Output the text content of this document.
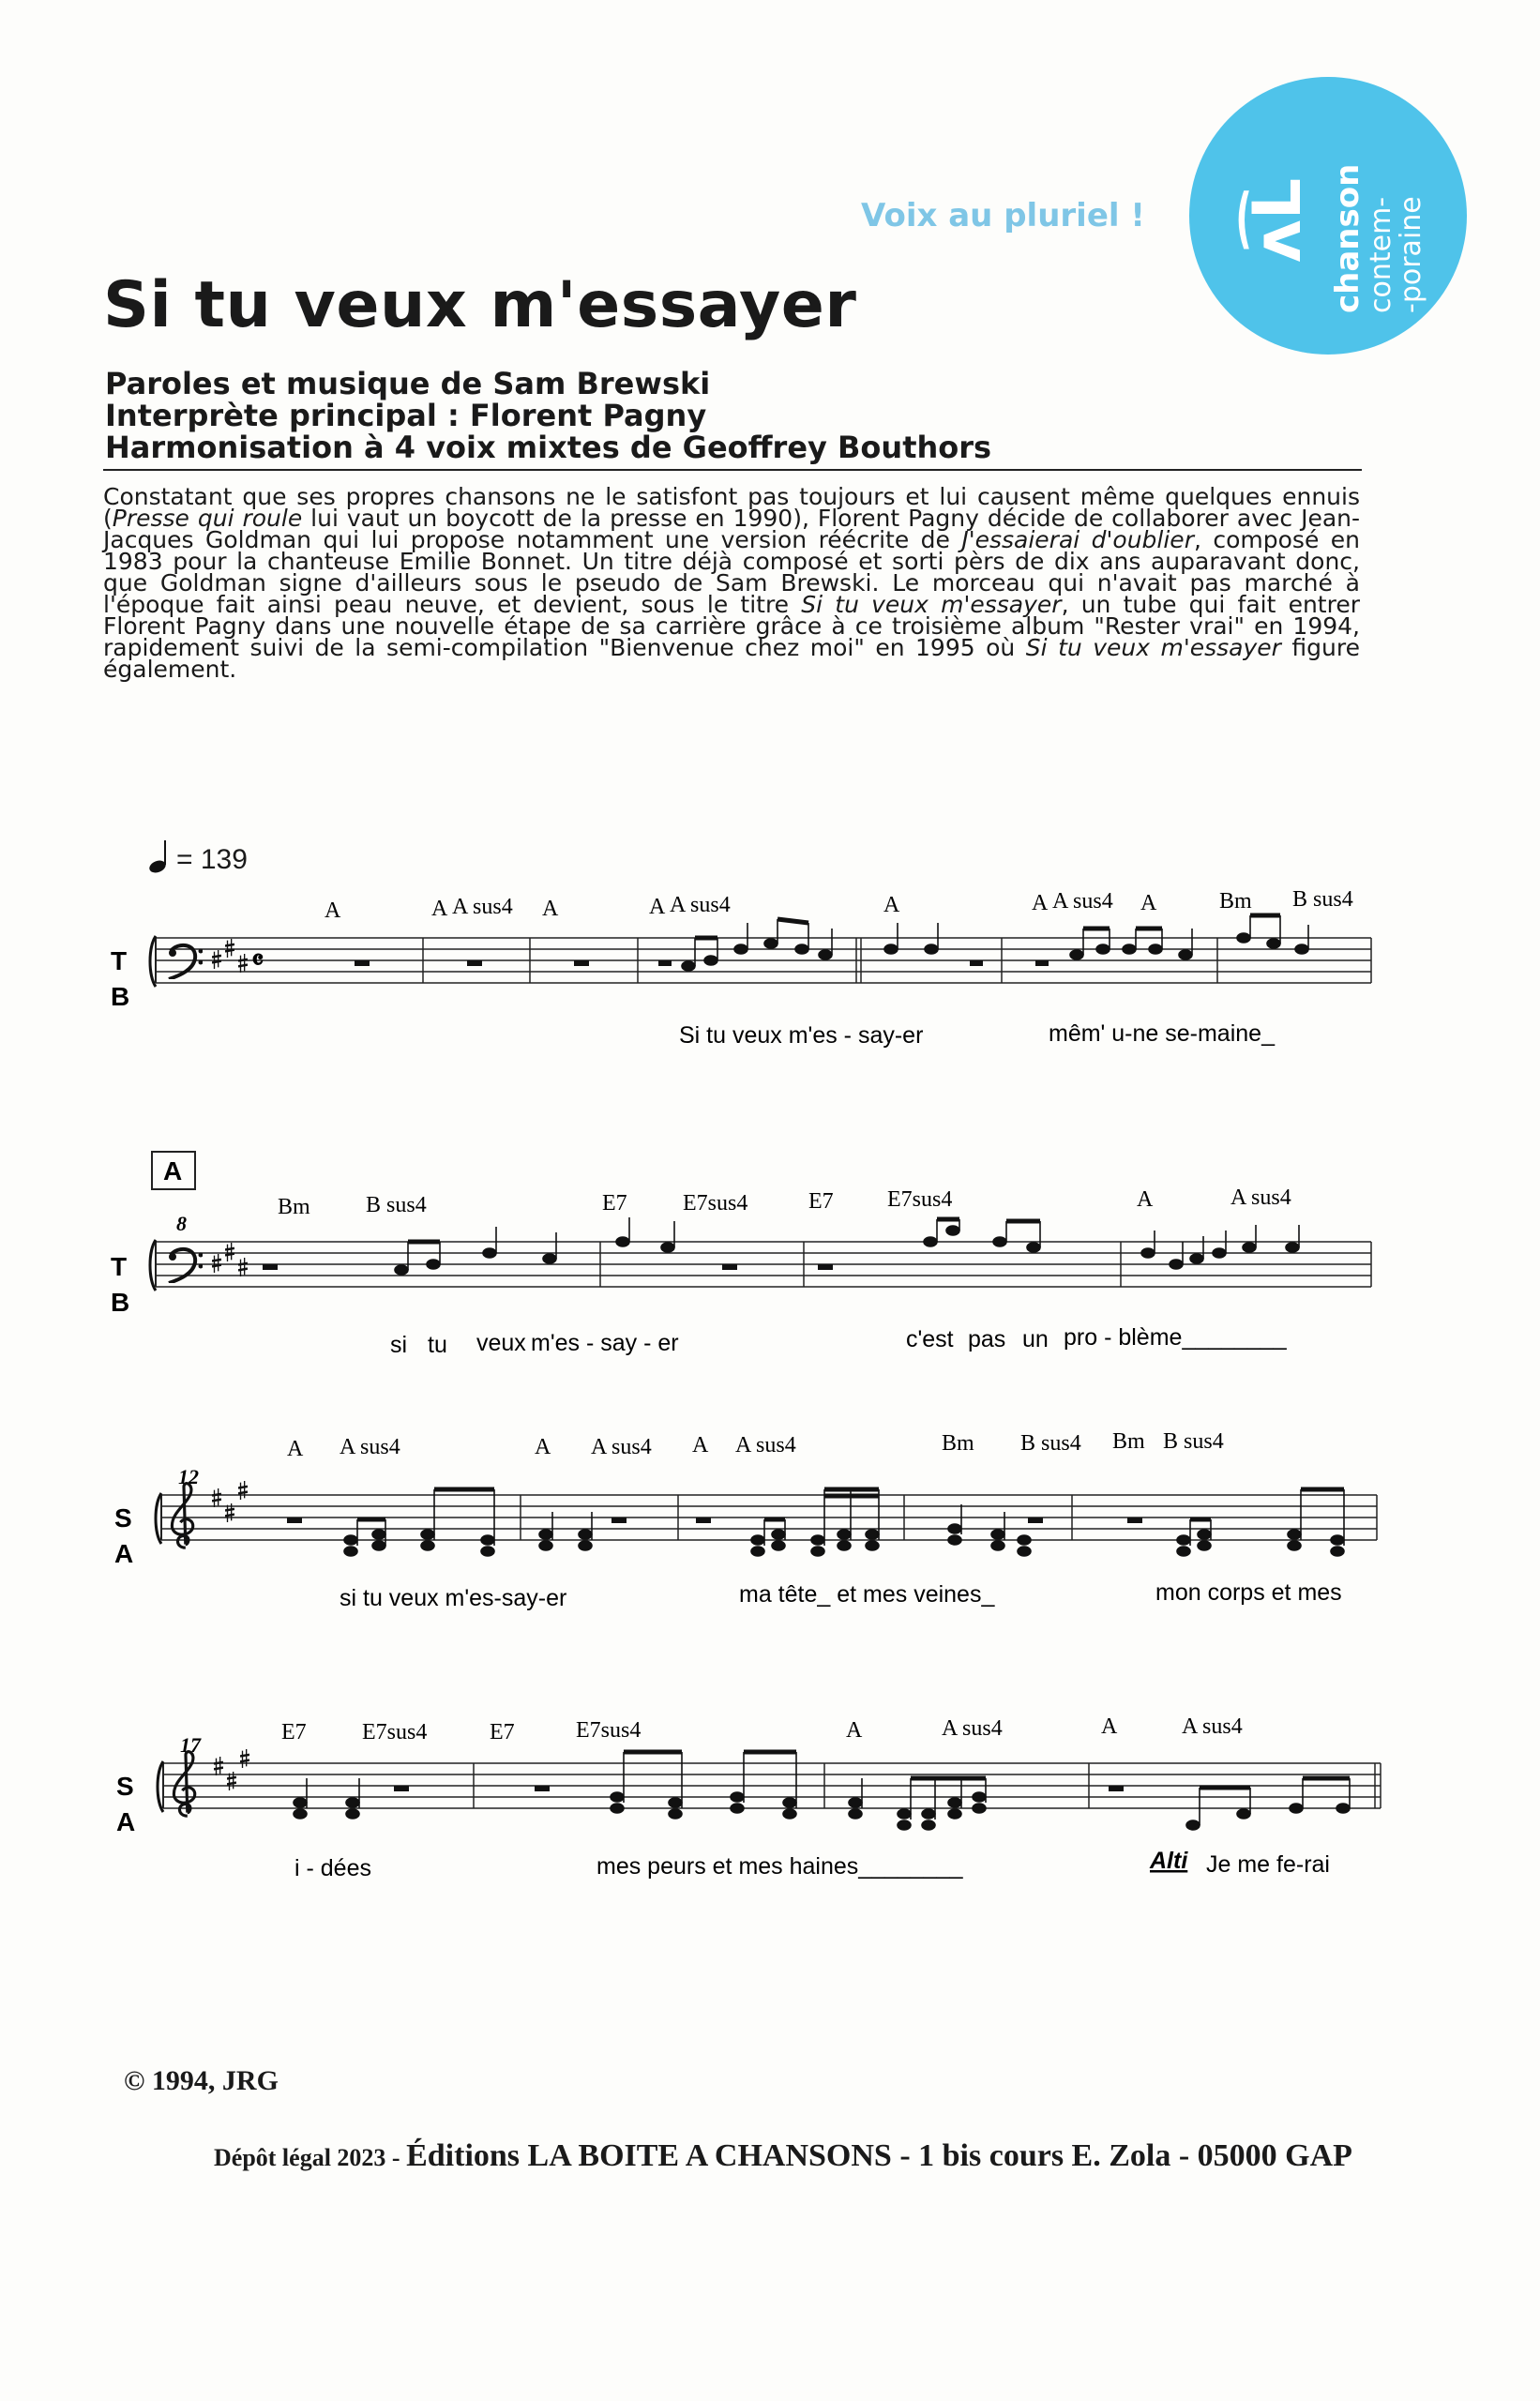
Voix au pluriel ! ʌ͡L chanson
contem-
-poraine
Si tu veux m'essayer
Paroles et musique de Sam Brewski
Interprète principal : Florent Pagny
Harmonisation à 4 voix mixtes de Geoffrey Bouthors
Constatant que ses propres chansons ne le satisfont pas toujours et lui causent même quelques ennuis (Presse qui roule lui vaut un boycott de la presse en 1990), Florent Pagny décide de collaborer avec Jean-Jacques Goldman qui lui propose notamment une version réécrite de J'essaierai d'oublier, composé en 1983 pour la chanteuse Emilie Bonnet. Un titre déjà composé et sorti pèrs de dix ans auparavant donc, que Goldman signe d'ailleurs sous le pseudo de Sam Brewski. Le morceau qui n'avait pas marché à l'époque fait ainsi peau neuve, et devient, sous le titre Si tu veux m'essayer, un tube qui fait entrer Florent Pagny dans une nouvelle étape de sa carrière grâce à ce troisième album "Rester vrai" en 1994, rapidement suivi de la semi-compilation "Bienvenue chez moi" en 1995 où Si tu veux m'essayer figure également.
= 139
T
B
𝄴
A	A A sus4 A	A A sus4	A	A A sus4 A	Bm B sus4
Si tu veux m'es - say-er	mêm' u-ne se-maine_
A
8
T
B
Bm B sus4	E7 E7sus4	E7 E7sus4	A	A sus4
si tu veux m'es - say - er	c'est pas un pro - blème________
12
S
A
A A sus4	A A sus4 A A sus4	Bm B sus4 Bm B sus4
si tu veux m'es-say-er	ma tête_ et mes veines_	mon corps et mes
17
S
A
E7 E7sus4	E7	E7sus4	A	A sus4	A	A sus4
i - dées	mes peurs et mes haines________	Alti Je me fe-rai
© 1994, JRG
Dépôt légal 2023 - Éditions LA BOITE A CHANSONS - 1 bis cours E. Zola - 05000 GAP
